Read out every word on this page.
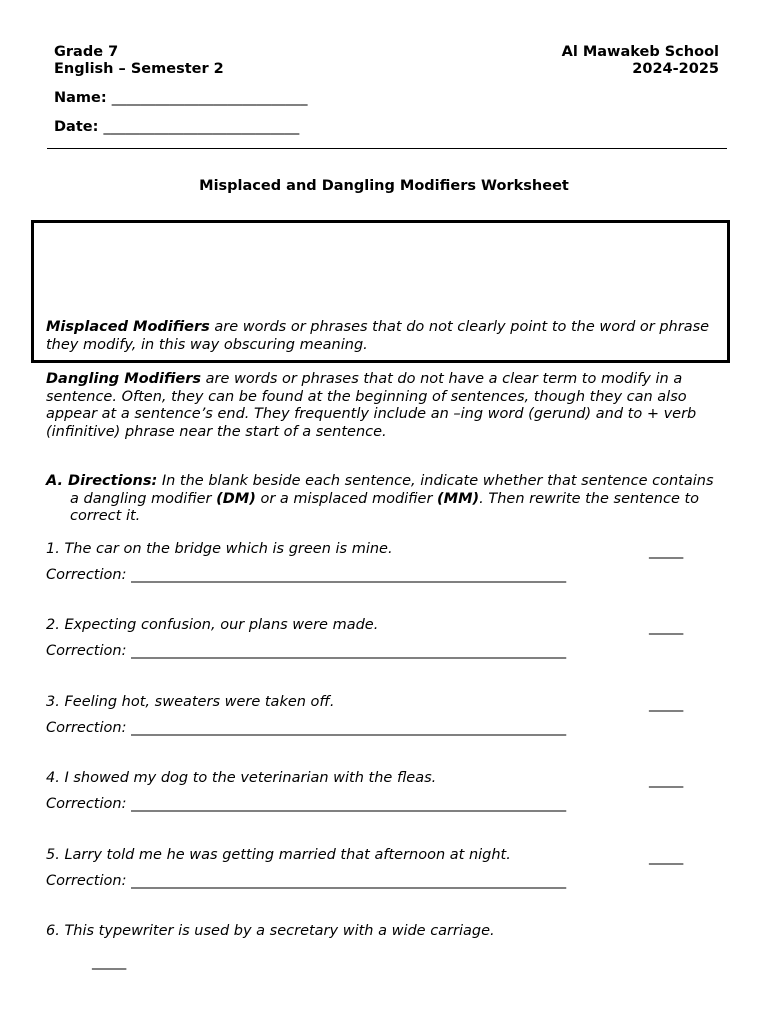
Grade 7
English – Semester 2
Al Mawakeb School
2024-2025
Name: ___________________________
Date: ___________________________
Misplaced and Dangling Modifiers Worksheet
Misplaced Modifiers are words or phrases that do not clearly point to the word or phrase they modify, in this way obscuring meaning.
Dangling Modifiers are words or phrases that do not have a clear term to modify in a sentence. Often, they can be found at the beginning of sentences, though they can also appear at a sentence’s end. They frequently include an –ing word (gerund) and to + verb (infinitive) phrase near the start of a sentence.
A. Directions: In the blank beside each sentence, indicate whether that sentence contains a dangling modifier (DM) or a misplaced modifier (MM). Then rewrite the sentence to correct it.
1. The car on the bridge which is green is mine.	_____
Correction: ____________________________________________________________
2. Expecting confusion, our plans were made.	_____
Correction: ____________________________________________________________
3. Feeling hot, sweaters were taken off.	_____
Correction: ____________________________________________________________
4. I showed my dog to the veterinarian with the fleas.	_____
Correction: ____________________________________________________________
5. Larry told me he was getting married that afternoon at night.	_____
Correction: ____________________________________________________________
6. This typewriter is used by a secretary with a wide carriage.
_____
